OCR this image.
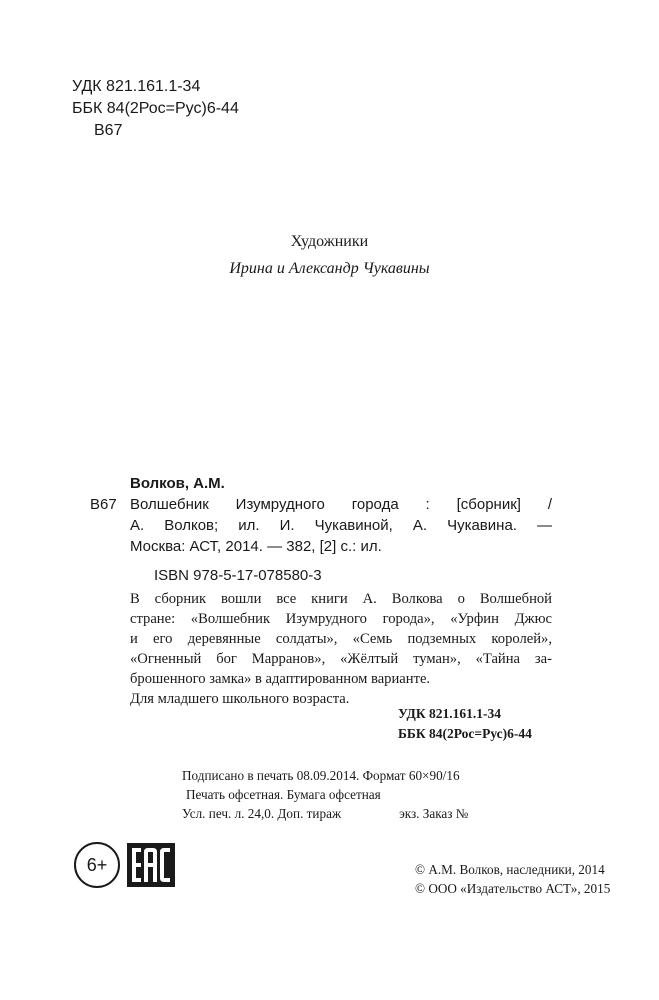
УДК 821.161.1-34
ББК 84(2Рос=Рус)6-44
В67
Художники
Ирина и Александр Чукавины
Волков, А.М.
В67 Волшебник Изумрудного города : [сборник] /
А. Волков; ил. И. Чукавиной, А. Чукавина. —
Москва: АСТ, 2014. — 382, [2] с.: ил.
ISBN 978-5-17-078580-3
В сборник вошли все книги А. Волкова о Волшебной
стране: «Волшебник Изумрудного города», «Урфин Джюс
и его деревянные солдаты», «Семь подземных королей»,
«Огненный бог Марранов», «Жёлтый туман», «Тайна за-
брошенного замка» в адаптированном варианте.
Для младшего школьного возраста.
УДК 821.161.1-34
ББК 84(2Рос=Рус)6-44
Подписано в печать 08.09.2014. Формат 60×90/16
Печать офсетная. Бумага офсетная
Усл. печ. л. 24,0. Доп. тираж	экз. Заказ №
6+	© А.М. Волков, наследники, 2014
© ООО «Издательство АСТ», 2015
